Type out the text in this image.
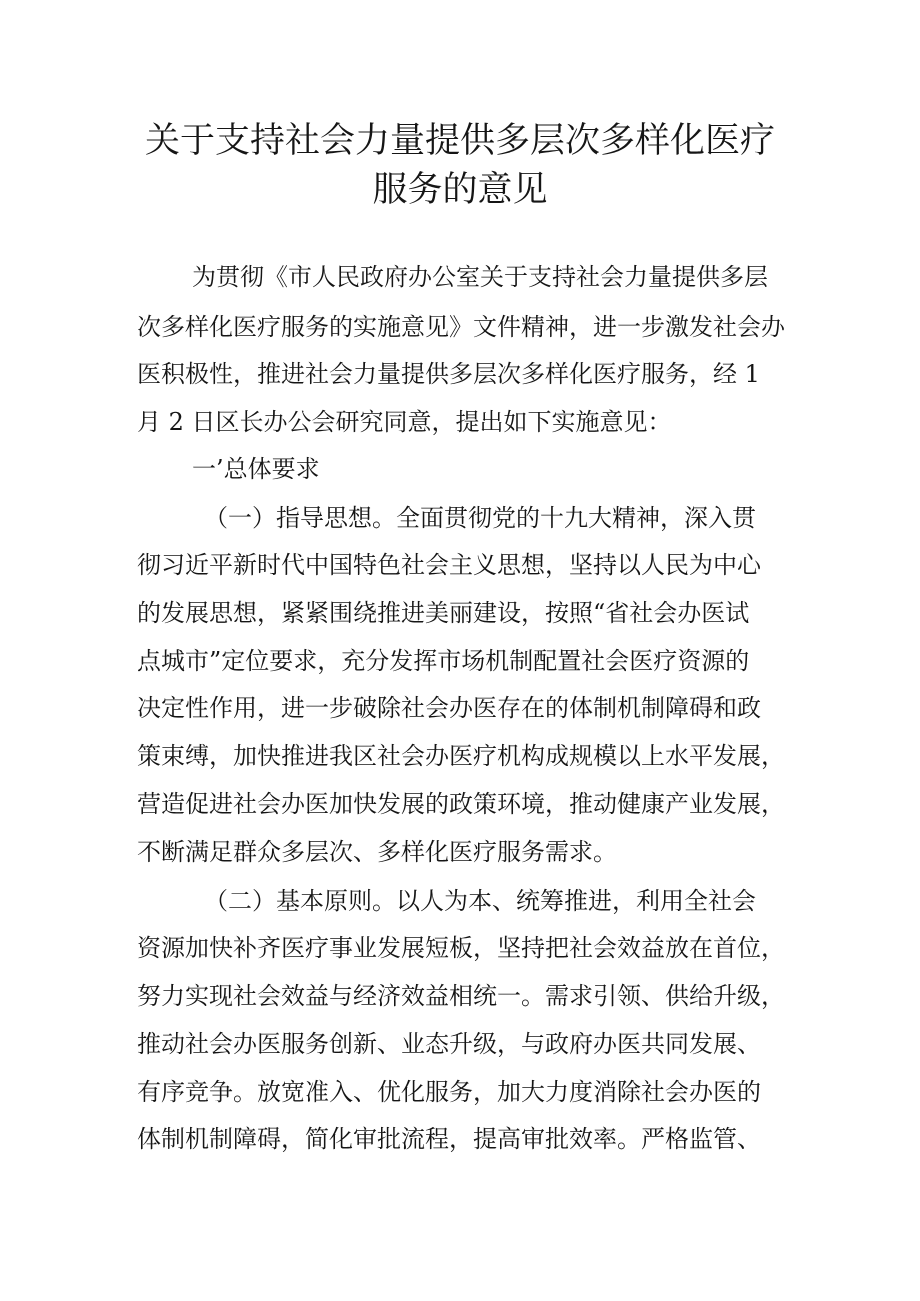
关于支持社会力量提供多层次多样化医疗
服务的意见

为贯彻《市人民政府办公室关于支持社会力量提供多层

次多样化医疗服务的实施意见》文件精神，进一步激发社会办

医积极性，推进社会力量提供多层次多样化医疗服务，经 1

月 2 日区长办公会研究同意，提出如下实施意见：

一’总体要求

（一）指导思想。全面贯彻党的十九大精神，深入贯

彻习近平新时代中国特色社会主义思想，坚持以人民为中心

的发展思想，紧紧围绕推进美丽建设，按照“省社会办医试

点城市”定位要求，充分发挥市场机制配置社会医疗资源的

决定性作用，进一步破除社会办医存在的体制机制障碍和政

策束缚，加快推进我区社会办医疗机构成规模以上水平发展，

营造促进社会办医加快发展的政策环境，推动健康产业发展，

不断满足群众多层次、多样化医疗服务需求。

（二）基本原则。以人为本、统筹推进，利用全社会

资源加快补齐医疗事业发展短板，坚持把社会效益放在首位，

努力实现社会效益与经济效益相统一。需求引领、供给升级，

推动社会办医服务创新、业态升级，与政府办医共同发展、

有序竞争。放宽准入、优化服务，加大力度消除社会办医的

体制机制障碍，简化审批流程，提高审批效率。严格监管、
